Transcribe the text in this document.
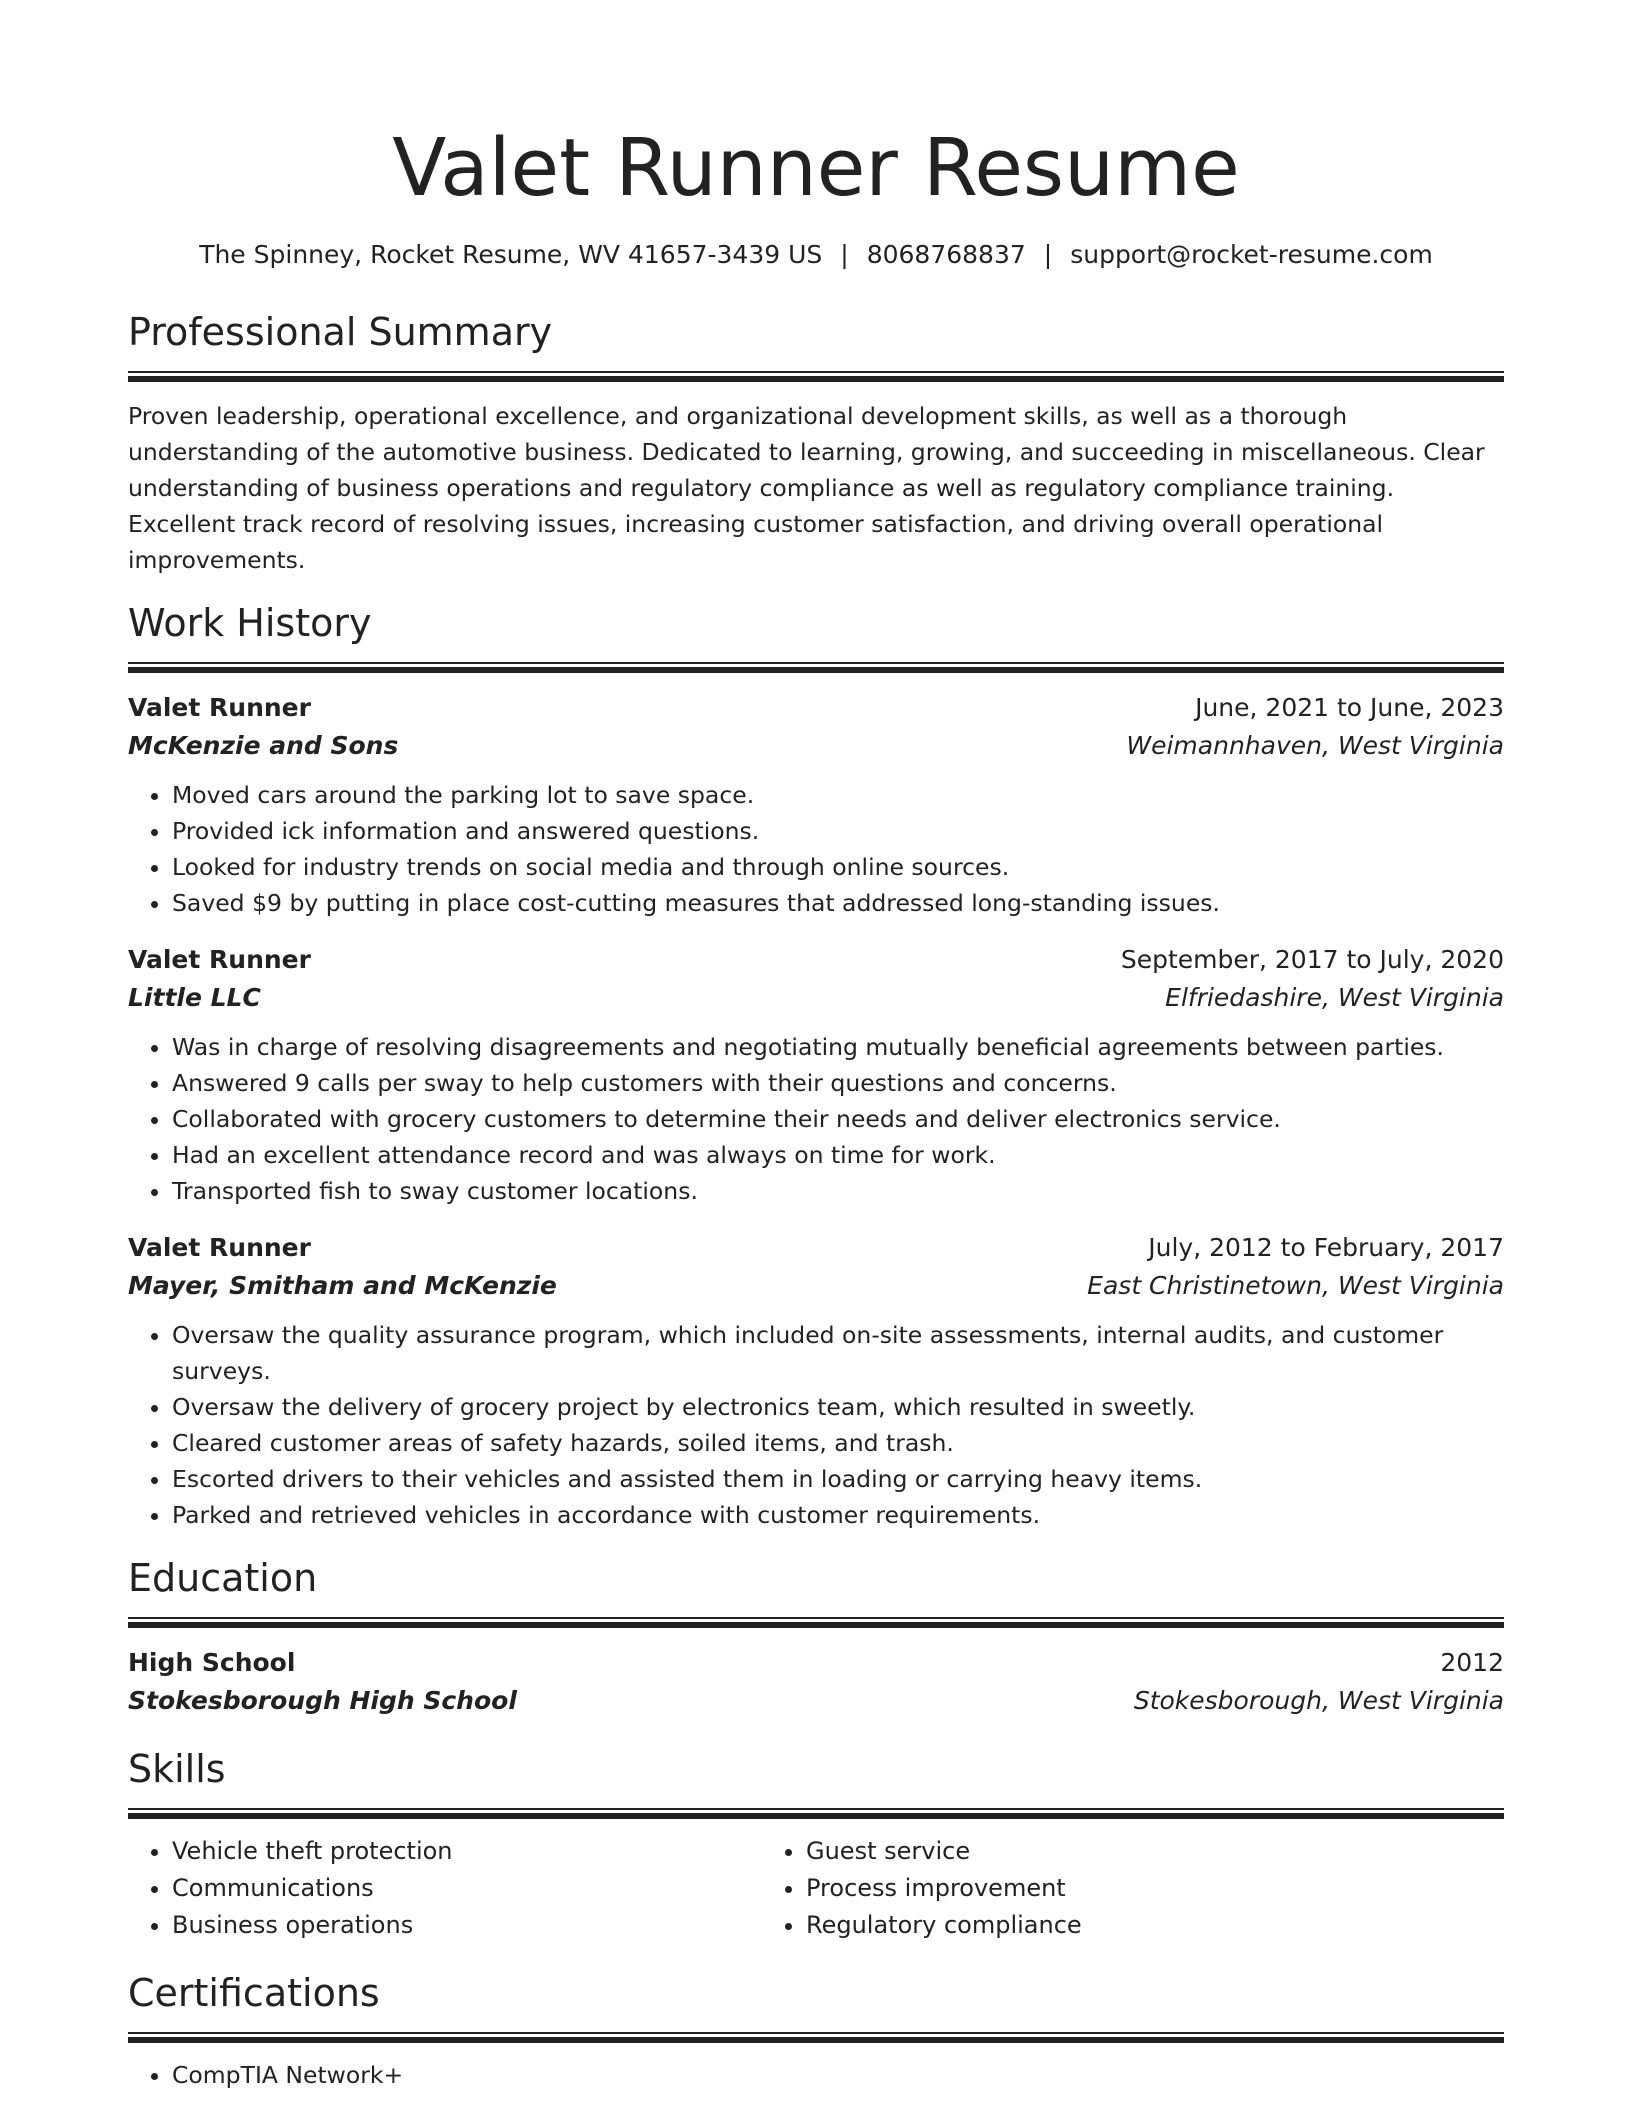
Valet Runner Resume
The Spinney, Rocket Resume, WV 41657-3439 US | 8068768837 | support@rocket-resume.com
Professional Summary

Proven leadership, operational excellence, and organizational development skills, as well as a thorough understanding of the automotive business. Dedicated to learning, growing, and succeeding in miscellaneous. Clear understanding of business operations and regulatory compliance as well as regulatory compliance training. Excellent track record of resolving issues, increasing customer satisfaction, and driving overall operational improvements.

Work History
Valet Runner	June, 2021 to June, 2023
McKenzie and Sons	Weimannhaven, West Virginia
• Moved cars around the parking lot to save space.
• Provided ick information and answered questions.
• Looked for industry trends on social media and through online sources.
• Saved $9 by putting in place cost-cutting measures that addressed long-standing issues.
Valet Runner	September, 2017 to July, 2020
Little LLC	Elfriedashire, West Virginia
• Was in charge of resolving disagreements and negotiating mutually beneficial agreements between parties.
• Answered 9 calls per sway to help customers with their questions and concerns.
• Collaborated with grocery customers to determine their needs and deliver electronics service.
• Had an excellent attendance record and was always on time for work.
• Transported fish to sway customer locations.
Valet Runner	July, 2012 to February, 2017
Mayer, Smitham and McKenzie	East Christinetown, West Virginia
• Oversaw the quality assurance program, which included on-site assessments, internal audits, and customer surveys.
• Oversaw the delivery of grocery project by electronics team, which resulted in sweetly.
• Cleared customer areas of safety hazards, soiled items, and trash.
• Escorted drivers to their vehicles and assisted them in loading or carrying heavy items.
• Parked and retrieved vehicles in accordance with customer requirements.
Education
High School	2012
Stokesborough High School	Stokesborough, West Virginia
Skills
• Vehicle theft protection
• Communications
• Business operations
• Guest service
• Process improvement
• Regulatory compliance
Certifications
• CompTIA Network+
